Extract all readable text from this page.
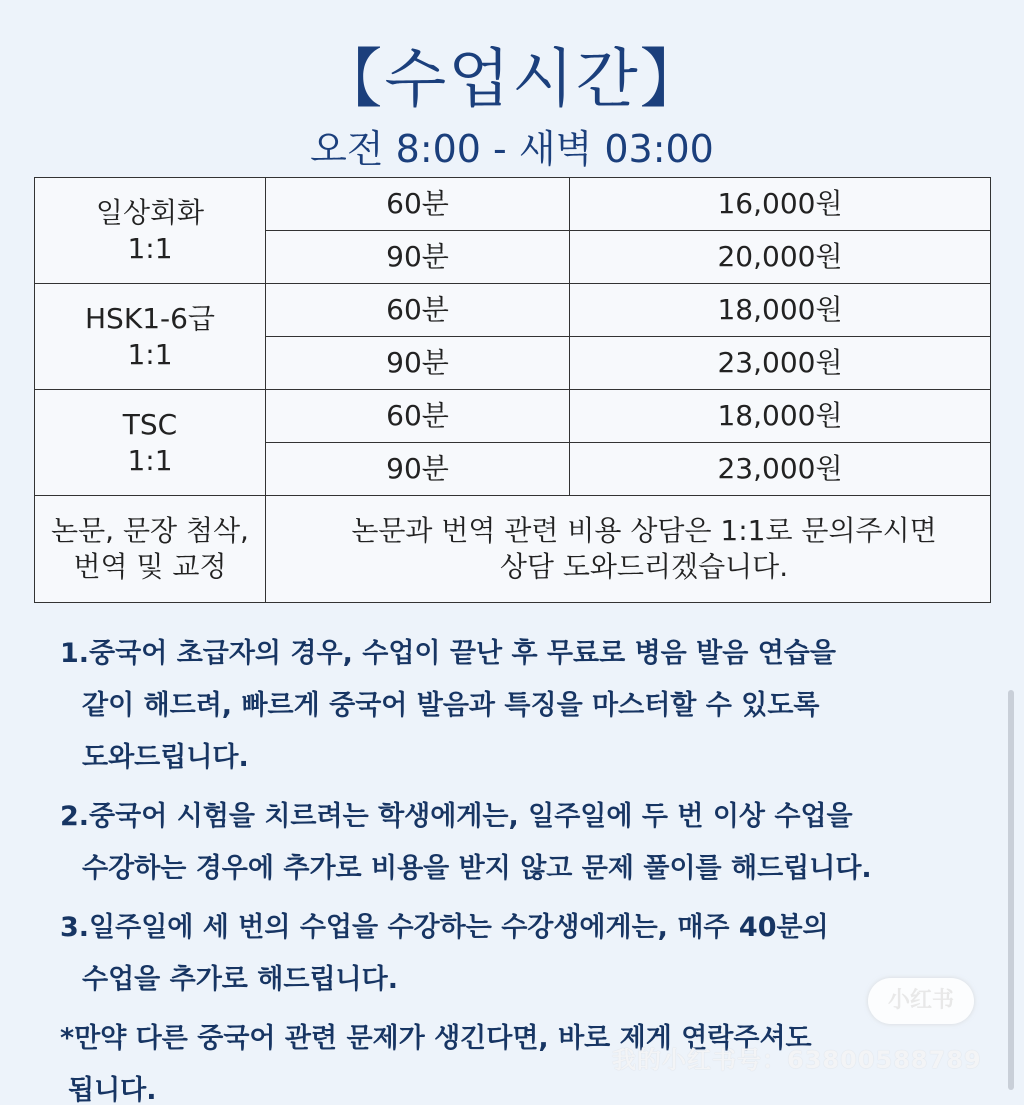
【수업시간】
오전 8:00 - 새벽 03:00
일상회화
1:1	60분	16,000원
	90분	20,000원
HSK1-6급
1:1	60분	18,000원
	90분	23,000원
TSC
1:1	60분	18,000원
	90분	23,000원
논문, 문장 첨삭,
번역 및 교정	논문과 번역 관련 비용 상담은 1:1로 문의주시면
상담 도와드리겠습니다.	
1.중국어 초급자의 경우, 수업이 끝난 후 무료로 병음 발음 연습을
같이 해드려, 빠르게 중국어 발음과 특징을 마스터할 수 있도록
도와드립니다.
2.중국어 시험을 치르려는 학생에게는, 일주일에 두 번 이상 수업을
수강하는 경우에 추가로 비용을 받지 않고 문제 풀이를 해드립니다.
3.일주일에 세 번의 수업을 수강하는 수강생에게는, 매주 40분의
수업을 추가로 해드립니다.
*만약 다른 중국어 관련 문제가 생긴다면, 바로 제게 연락주셔도
됩니다.
小红书
我的小红书号：63800588789
